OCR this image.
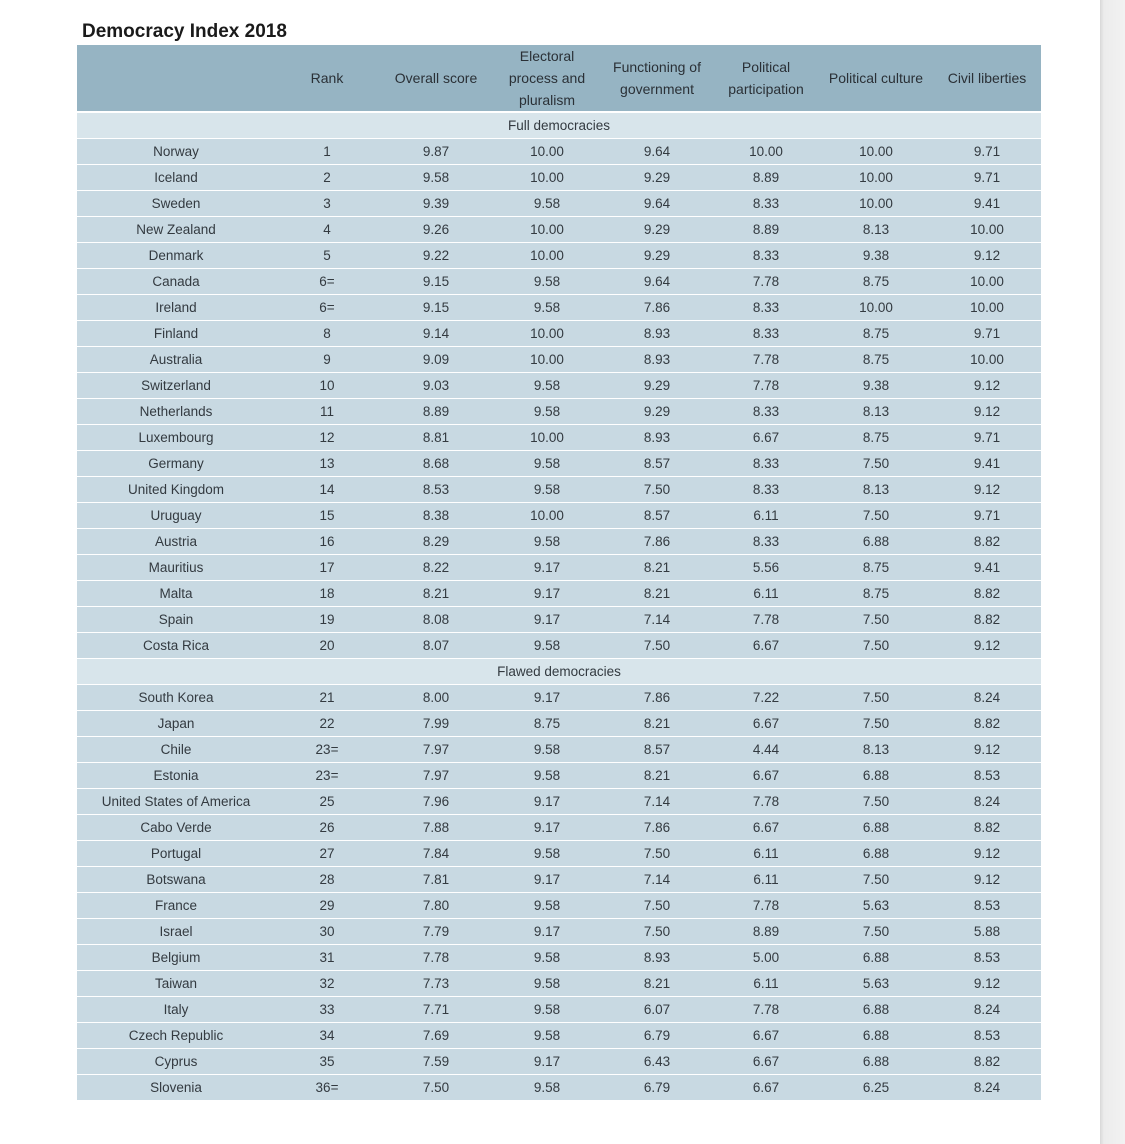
Democracy Index 2018
	Rank	Overall score	Electoral process and pluralism	Functioning of government	Political participation	Political culture	Civil liberties
Full democracies							
Norway	1	9.87	10.00	9.64	10.00	10.00	9.71
Iceland	2	9.58	10.00	9.29	8.89	10.00	9.71
Sweden	3	9.39	9.58	9.64	8.33	10.00	9.41
New Zealand	4	9.26	10.00	9.29	8.89	8.13	10.00
Denmark	5	9.22	10.00	9.29	8.33	9.38	9.12
Canada	6=	9.15	9.58	9.64	7.78	8.75	10.00
Ireland	6=	9.15	9.58	7.86	8.33	10.00	10.00
Finland	8	9.14	10.00	8.93	8.33	8.75	9.71
Australia	9	9.09	10.00	8.93	7.78	8.75	10.00
Switzerland	10	9.03	9.58	9.29	7.78	9.38	9.12
Netherlands	11	8.89	9.58	9.29	8.33	8.13	9.12
Luxembourg	12	8.81	10.00	8.93	6.67	8.75	9.71
Germany	13	8.68	9.58	8.57	8.33	7.50	9.41
United Kingdom	14	8.53	9.58	7.50	8.33	8.13	9.12
Uruguay	15	8.38	10.00	8.57	6.11	7.50	9.71
Austria	16	8.29	9.58	7.86	8.33	6.88	8.82
Mauritius	17	8.22	9.17	8.21	5.56	8.75	9.41
Malta	18	8.21	9.17	8.21	6.11	8.75	8.82
Spain	19	8.08	9.17	7.14	7.78	7.50	8.82
Costa Rica	20	8.07	9.58	7.50	6.67	7.50	9.12
Flawed democracies							
South Korea	21	8.00	9.17	7.86	7.22	7.50	8.24
Japan	22	7.99	8.75	8.21	6.67	7.50	8.82
Chile	23=	7.97	9.58	8.57	4.44	8.13	9.12
Estonia	23=	7.97	9.58	8.21	6.67	6.88	8.53
United States of America	25	7.96	9.17	7.14	7.78	7.50	8.24
Cabo Verde	26	7.88	9.17	7.86	6.67	6.88	8.82
Portugal	27	7.84	9.58	7.50	6.11	6.88	9.12
Botswana	28	7.81	9.17	7.14	6.11	7.50	9.12
France	29	7.80	9.58	7.50	7.78	5.63	8.53
Israel	30	7.79	9.17	7.50	8.89	7.50	5.88
Belgium	31	7.78	9.58	8.93	5.00	6.88	8.53
Taiwan	32	7.73	9.58	8.21	6.11	5.63	9.12
Italy	33	7.71	9.58	6.07	7.78	6.88	8.24
Czech Republic	34	7.69	9.58	6.79	6.67	6.88	8.53
Cyprus	35	7.59	9.17	6.43	6.67	6.88	8.82
Slovenia	36=	7.50	9.58	6.79	6.67	6.25	8.24
